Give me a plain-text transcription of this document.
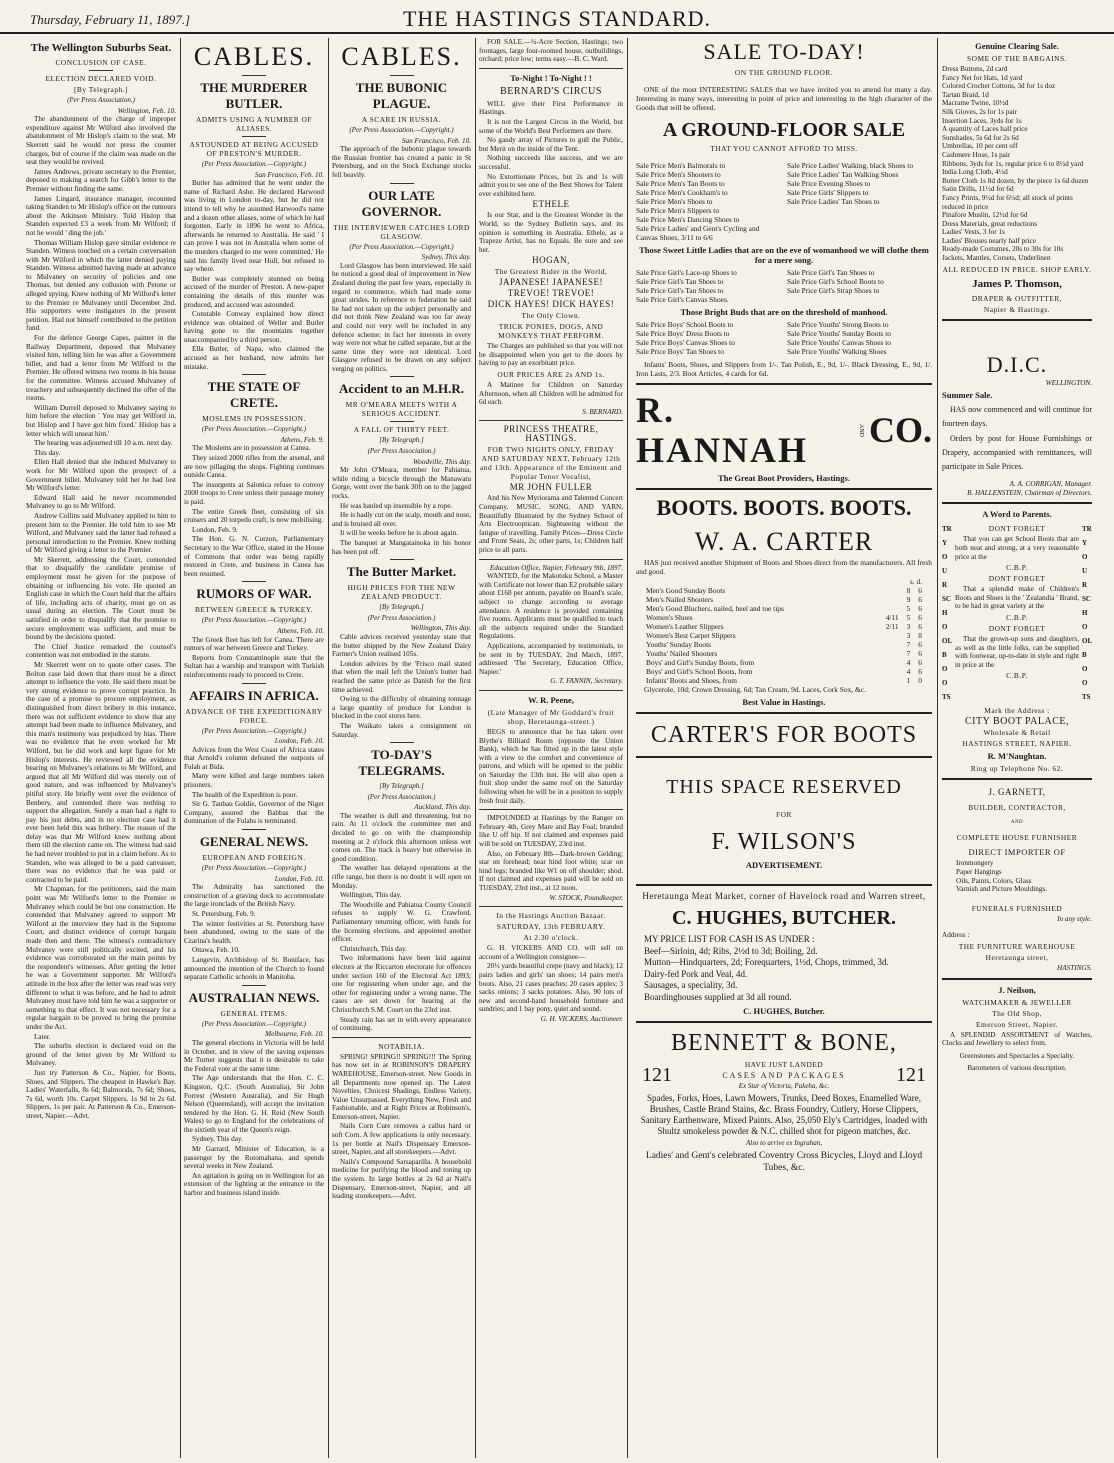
Thursday, February 11, 1897.]	THE HASTINGS STANDARD.
The Wellington Suburbs Seat.
CONCLUSION OF CASE.
ELECTION DECLARED VOID.
[By Telegraph.]
(Per Press Association.)
Wellington, Feb. 10.

The abandonment of the charge of improper expenditure against Mr Wilford also involved the abandonment of Mr Hislop's claim to the seat. Mr Skerrett said he would not press the counter charges, but of course if the claim was made on the seat they would be revived.

James Andrews, private secretary to the Premier, deposed to making a search for Gibb's letter to the Premier without finding the same.

James Lingard, insurance manager, recounted taking Standen to Mr Hislop's office on the rumours about the Atkinson Ministry. Told Hislop that Standen expected £3 a week from Mr Wilford; if not he would ' ding the job.'

Thomas William Hislop gave similar evidence re Standen. Witness touched on a certain conversation with Mr Wilford in which the latter denied paying Standen. Witness admitted having made an advance to Mulvaney on security of policies and one Thomas, but denied any collusion with Petone or alleged spying. Knew nothing of Mr Wilford's letter to the Premier re Mulvaney until December 2nd. His supporters were instigators in the present petition. Had not himself contributed to the petition fund.

For the defence George Capes, painter in the Railway Department, deposed that Mulvaney visited him, telling him he was after a Government billet, and had a letter from Mr Wilford to the Premier. He offered witness two rooms in his house for the committee. Witness accused Mulvaney of treachery and subsequently declined the offer of the rooms.

William Durrell deposed to Mulvaney saying to him before the election ' You may get Wilford in, but Hislop and I have got him fixed.' Hislop has a letter which will unseat him.'

The hearing was adjourned till 10 a.m. next day.

This day.

Ellen Hall denied that she induced Mulvaney to work for Mr Wilford upon the prospect of a Government billet. Mulvaney told her he had lost Mr Wilford's letter.

Edward Hall said he never recommended Mulvaney to go to Mr Wilford.

Andrew Collins said Mulvaney applied to him to present him to the Premier. He told him to see Mr Wilford, and Mulvaney said the latter had refused a personal introduction to the Premier. Knew nothing of Mr Wilford giving a letter to the Premier.

Mr Skerrett, addressing the Court, contended that to disqualify the candidate promise of employment must be given for the purpose of obtaining or influencing his vote. He quoted an English case in which the Court held that the affairs of life, including acts of charity, must go on as usual during an election. The Court must be satisfied in order to disqualify that the promise to secure employment was sufficient, and must be bound by the decisions quoted.

The Chief Justice remarked the counsel's contention was not embodied in the statute.

Mr Skerrett went on to quote other cases. The Bolton case laid down that there must be a direct attempt to influence the vote. He said there must be very strong evidence to prove corrupt practice. In the case of a promise to procure employment, as distinguished from direct bribery in this instance, there was not sufficient evidence to show that any attempt had been made to influence Mulvaney, and this man's testimony was prejudiced by bias. There was no evidence that he even worked for Mr Wilford, but he did work and kept figure for Mr Hislop's interests. He reviewed all the evidence bearing on Mulvaney's relations to Mr Wilford, and argued that all Mr Wilford did was merely out of good nature, and was influenced by Mulvaney's pitiful story. He briefly went over the evidence of Benbery, and contended there was nothing to support the allegation. Surely a man had a right to pay his just debts, and in no election case had it ever been held this was bribery. The reason of the delay was that Mr Wilford knew nothing about them till the election came on. The witness had said he had never troubled to put in a claim before. As to Standen, who was alleged to be a paid canvasser, there was no evidence that he was paid or contracted to be paid.

Mr Chapman, for the petitioners, said the main point was Mr Wilford's letter to the Premier re Mulvaney which could be but one construction. He contended that Mulvaney agreed to support Mr Wilford at the interview they had in the Supreme Court, and distinct evidence of corrupt bargain made then and there. The witness's contradictory Mulvaney were still politically excited, and his evidence was corroborated on the main points by the respondent's witnesses. After getting the letter he was a Government supporter. Mr Wilford's attitude in the box after the letter was read was very different to what it was before, and he had to admit Mulvaney must have told him he was a supporter or something to that effect. It was not necessary for a regular bargain to be proved to bring the promise under the Act.

Later.

The suburbs election is declared void on the ground of the letter given by Mr Wilford to Mulvaney.

Just try Patterson & Co., Napier, for Boots, Shoes, and Slippers. The cheapest in Hawke's Bay. Ladies' Waterfalls, 8s 6d; Balmorals, 7s 6d; Shoes, 7s 6d, worth 10s. Carpet Slippers, 1s 9d to 2s 6d. Slippers, 1s per pair. At Patterson & Co., Emerson-street, Napier.—Advt.

CABLES.
THE MURDERER BUTLER.
ADMITS USING A NUMBER OF ALIASES.
ASTOUNDED AT BEING ACCUSED OF PRESTON'S MURDER.
(Per Press Association.—Copyright.)
San Francisco, Feb. 10.

Butler has admitted that he went under the name of Richard Ashe. He declared Harwood was living in London to-day, but he did not intend to tell why he assumed Harwood's name and a dozen other aliases, some of which he had forgotten. Early in 1896 he went to Africa, afterwards he returned to Australia. He said ' I can prove I was not in Australia when some of the murders charged to me were committed.' He said his family lived near Hull, but refused to say where.

Butler was completely stunned on being accused of the murder of Preston. A new-paper containing the details of this murder was produced, and accused was astounded.

Constable Conway explained how direct evidence was obtained of Weller and Butler having gone to the mountains together unaccompanied by a third person.

Ella Butler, of Napa, who claimed the accused as her husband, now admits her mistake.

THE STATE OF CRETE.
MOSLEMS IN POSSESSION.
(Per Press Association.—Copyright.)
Athens, Feb. 9.

The Moslems are in possession at Canea.

They seized 2000 rifles from the arsenal, and are now pillaging the shops. Fighting continues outside Canea.

The insurgents at Salonica refuse to convoy 2000 troops to Crete unless their passage money is paid.

The entire Greek fleet, consisting of six cruisers and 20 torpedo craft, is now mobilising.

London, Feb. 9.

The Hon. G. N. Curzon, Parliamentary Secretary to the War Office, stated in the House of Commons that order was being rapidly restored in Crete, and business in Canea has been resumed.

RUMORS OF WAR.
BETWEEN GREECE & TURKEY.
(Per Press Association.—Copyright.)
Athens, Feb. 10.

The Greek fleet has left for Canea. There are rumors of war between Greece and Turkey.

Reports from Constantinople state that the Sultan has a warship and transport with Turkish reinforcements ready to proceed to Crete.

AFFAIRS IN AFRICA.
ADVANCE OF THE EXPEDITIONARY FORCE.
(Per Press Association.—Copyright.)
London, Feb. 10.

Advices from the West Coast of Africa states that Arnold's column defeated the outposts of Fulah at Bida.

Many were killed and large numbers taken prisoners.

The health of the Expedition is poor.

Sir G. Taubau Goldie, Governor of the Niger Company, assured the Babbas that the domination of the Fulahs is terminated.

GENERAL NEWS.
EUROPEAN AND FOREIGN.
(Per Press Association.—Copyright.)
London, Feb. 10.

The Admiralty has sanctioned the construction of a graving dock to accommodate the large ironclads of the British Navy.

St. Petersburg, Feb. 9.

The winter festivities at St. Petersburg have been abandoned, owing to the state of the Czarina's health.

Ottawa, Feb. 10.

Langevin, Archbishop of St. Boniface, has announced the intention of the Church to found separate Catholic schools in Manitoba.

AUSTRALIAN NEWS.
GENERAL ITEMS.
(Per Press Association.—Copyright.)
Melbourne, Feb. 10.

The general elections in Victoria will be held in October, and in view of the saving expenses Mr Turner suggests that it is desirable to take the Federal vote at the same time.

The Age understands that the Hon. C. C. Kingston, Q.C. (South Australia), Sir John Forrest (Western Australia), and Sir Hugh Nelson (Queensland), will accept the invitation tendered by the Hon. G. H. Reid (New South Wales) to go to England for the celebrations of the sixtieth year of the Queen's reign.

Sydney, This day.

Mr Garrard, Minister of Education, is a passenger by the Rotomahana, and spends several weeks in New Zealand.

An agitation is going on in Wellington for an extension of the lighting at the entrance to the harbor and business island inside.

CABLES.
THE BUBONIC PLAGUE.
A SCARE IN RUSSIA.
(Per Press Association.—Copyright.)
San Francisco, Feb. 10.

The approach of the bubonic plague towards the Russian frontier has created a panic in St Petersburg, and on the Stock Exchange stocks fell heavily.

OUR LATE GOVERNOR.
THE INTERVIEWER CATCHES LORD GLASGOW.
(Per Press Association.—Copyright.)
Sydney, This day.

Lord Glasgow has been interviewed. He said he noticed a good deal of improvement in New Zealand during the past few years, especially in regard to commerce, which had made some great strides. In reference to federation he said he had not taken up the subject personally and did not think New Zealand was too far away and could not very well be included in any defence scheme; in fact her interests in every way were not what he called separate, but at the same time they were not identical. Lord Glasgow refused to be drawn on any subject verging on politics.

Accident to an M.H.R.
MR O'MEARA MEETS WITH A SERIOUS ACCIDENT.
A FALL OF THIRTY FEET.
[By Telegraph.]
(Per Press Association.)
Woodville, This day.

Mr John O'Meara, member for Pahiatua, while riding a bicycle through the Manawatu Gorge, went over the bank 30ft on to the jagged rocks.

He was hauled up insensible by a rope.

He is badly cut on the scalp, mouth and nose, and is bruised all over.

It will be weeks before he is about again.

The banquet at Mangatainoka in his honor has been put off.

The Butter Market.
HIGH PRICES FOR THE NEW ZEALAND PRODUCT.
[By Telegraph.]
(Per Press Association.)
Wellington, This day.

Cable advices received yesterday state that the butter shipped by the New Zealand Dairy Farmer's Union realised 105s.

London advices by the 'Frisco mail stated that when the mail left the Union's butter had reached the same price as Danish for the first time achieved.

Owing to the difficulty of obtaining tonnage a large quantity of produce for London is blocked in the cool stores here.

The Waikato takes a consignment on Saturday.

TO-DAY'S TELEGRAMS.
[By Telegraph.]
(Per Press Association.)
Auckland, This day.

The weather is dull and threatening, but no rain. At 11 o'clock the committee met and decided to go on with the championship meeting at 2 o'clock this afternoon unless wet comes on. The track is heavy but otherwise in good condition.

The weather has delayed operations at the rifle range, but there is no doubt it will open on Monday.

Wellington, This day.

The Woodville and Pahiatua County Council refuses to supply W. G. Crawford, Parliamentary returning officer, with funds for the licensing elections, and appointed another officer.

Christchurch, This day.

Two informations have been laid against electors at the Riccarton electorate for offences under section 160 of the Electoral Act 1893; one for registering when under age, and the other for registering under a wrong name. The cases are set down for hearing at the Christchurch S.M. Court on the 23rd inst.

Steady rain has set in with every appearance of continuing.

NOTABILIA.
SPRING! SPRING!! SPRING!!! The Spring has now set in at ROBINSON'S DRAPERY WAREHOUSE, Emerson-street. New Goods in all Departments now opened up. The Latest Novelties, Choicest Shadings, Endless Variety, Value Unsurpassed. Everything New, Fresh and Fashionable, and at Right Prices at Robinson's, Emerson-street, Napier.
Nails Corn Cure removes a callus hard or soft Corn. A few applications is only necessary. 1s per bottle at Nail's Dispensary Emerson-street, Napier, and all storekeepers.—Advt.
Nails's Compound Sarsaparilla. A household medicine for purifying the blood and toning up the system. In large bottles at 2s 6d at Nail's Dispensary, Emerson-street, Napier, and all leading storekeepers.—Advt.
FOR SALE.—¼-Acre Section, Hastings; two frontages, large four-roomed house, outbuildings, orchard; price low; terms easy.—B. C. Ward.
To-Night ! To-Night ! !
BERNARD'S CIRCUS

WILL give their First Performance in Hastings.

It is not the Largest Circus in the World, but some of the World's Best Performers are there.

No gaudy array of Pictures to gull the Public, but Merit on the inside of the Tent.

Nothing succeeds like success, and we are successful.

No Extortionate Prices, but 2s and 1s will admit you to see one of the Best Shows for Talent ever exhibited here.

ETHELE
Is our Star, and is the Greatest Wonder in the World, so the Sydney Bulletin says, and its opinion is something in Australia. Ethele, as a Trapeze Artist, has no Equals. Be sure and see her.
HOGAN,
The Greatest Rider in the World,
JAPANESE! JAPANESE!
TREVOE! TREVOE!
DICK HAYES! DICK HAYES!
The Only Clown.
TRICK PONIES, DOGS, AND MONKEYS THAT PERFORM.
The Charges are published so that you will not be disappointed when you get to the doors by having to pay an exorbitant price.
OUR PRICES ARE 2s AND 1s.
A Matinee for Children on Saturday Afternoon, when all Children will be admitted for 6d each.
S. BERNARD.
PRINCESS THEATRE, HASTINGS.
FOR TWO NIGHTS ONLY, FRIDAY AND SATURDAY NEXT, February 12th and 13th. Appearance of the Eminent and Popular Tenor Vocalist,
MR JOHN FULLER
And his New Myriorama and Talented Concert Company. MUSIC, SONG, AND YARN, Beautifully Illustrated by the Sydney School of Arts Electrooptican. Sightseeing without the fatigue of travelling. Family Prices—Dress Circle and Front Seats, 2s; other parts, 1s; Children half price to all parts.
Education Office, Napier, February 9th, 1897.
WANTED, for the Makotuku School, a Master with Certificate not lower than E2 probable salary about £168 per annum, payable on Board's scale, subject to change according to average attendance. A residence is provided containing five rooms. Applicants must be qualified to teach all the subjects required under the Standard Regulations.
Applications, accompanied by testimonials, to be sent in by TUESDAY, 2nd March, 1897, addressed 'The Secretary, Education Office, Napier.'
G. T. FANNIN, Secretary.
W. R. Peene,
(Late Manager of Mr Goddard's fruit shop, Heretaunga-street.)
BEGS to announce that he has taken over Blythe's Billiard Room (opposite the Union Bank), which he has fitted up in the latest style with a view to the comfort and convenience of patrons, and which will be opened to the public on Saturday the 13th inst. He will also open a fruit shop under the same roof on the Saturday following when he will be in a position to supply fresh fruit daily.
IMPOUNDED at Hastings by the Ranger on February 4th, Grey Mare and Bay Foal; branded like U off hip. If not claimed and expenses paid will be sold on TUESDAY, 23rd inst.
Also, on February 8th—Dark-brown Gelding; star on forehead; near hind foot white; scar on hind legs; branded like W1 on off shoulder; shod. If not claimed and expenses paid will be sold on TUESDAY, 23rd inst., at 12 noon.
W. STOCK, Poundkeeper.
In the Hastings Auction Bazaar.
SATURDAY, 13th FEBRUARY.
At 2.30 o'clock.
G. H. VICKERS AND CO. will sell on account of a Wellington consignee—
20½ yards beautiful crepe (navy and black); 12 pairs ladies and girls' tan shoes; 14 pairs men's boots. Also, 21 cases peaches; 20 cases apples; 3 sacks onions; 3 sacks potatoes. Also, 90 lots of new and second-hand household furniture and sundries; and 1 bay pony, quiet and sound.
G. H. VICKERS, Auctioneer.
SALE TO-DAY!
ON THE GROUND FLOOR.
ONE of the most INTERESTING SALES that we have invited you to attend for many a day. Interesting in many ways, interesting in point of price and interesting in the high character of the Goods that will be offered.
A GROUND-FLOOR SALE
THAT YOU CANNOT AFFORD TO MISS.
Sale Price Men's Balmorals to
Sale Price Men's Shooters to
Sale Price Men's Tan Boots to
Sale Price Men's Cookham's to
Sale Price Men's Shoes to
Sale Price Men's Slippers to
Sale Price Men's Dancing Shoes to
Sale Price Ladies' and Gent's Cycling and Canvas Shoes, 3/11 to 6/6
Sale Price Ladies' Walking, black Shoes to
Sale Price Ladies' Tan Walking Shoes
Sale Price Evening Shoes to
Sale Price Girls' Slippers to
Sale Price Ladies' Tan Shoes to
Those Sweet Little Ladies that are on the eve of womanhood we will clothe them for a mere song.
Sale Price Girl's Lace-up Shoes to
Sale Price Girl's Tan Shoes to
Sale Price Girl's Tan Shoes to
Sale Price Girl's Canvas Shoes.
Sale Price Girl's Tan Shoes to
Sale Price Girl's School Boots to
Sale Price Girl's Strap Shoes to
Those Bright Buds that are on the threshold of manhood.
Sale Price Boys' School Boots to
Sale Price Boys' Dress Boots to
Sale Price Boys' Canvas Shoes to
Sale Price Boys' Tan Shoes to
Sale Price Youths' Strong Boots to
Sale Price Youths' Sunday Boots to
Sale Price Youths' Canvas Shoes to
Sale Price Youths' Walking Shoes
Infants' Boots, Shoes, and Slippers from 1/-. Tan Polish, E., 9d, 1/-. Black Dressing, E., 9d, 1/. Iron Lasts, 2/3. Boot Articles, 4 cards for 6d.
R. HANNAH	AND CO.
The Great Boot Providers, Hastings.
BOOTS. BOOTS. BOOTS.
W. A. CARTER
HAS just received another Shipment of Boots and Shoes direct from the manufacturers. All fresh and good.
s. d.
Men's Good Sunday Boots	8 6
Men's Nailed Shooters	9 6
Men's Good Bluchers, nailed, heel and toe tips	5 6
Women's Shoes	4/11 5 6
Women's Leather Slippers	2/11 3 6
Women's Best Carpet Slippers	3 8
Youths' Sunday Boots	7 6
Youths' Nailed Shooters	7 6
Boys' and Girl's Sunday Boots, from	4 6
Boys' and Girl's School Boots, from	4 6
Infants' Boots and Shoes, from	1 0
Glycerole, 10d; Crown Dressing, 6d; Tan Cream, 9d. Laces, Cork Sox, &c.
Best Value in Hastings.
CARTER'S FOR BOOTS
THIS SPACE RESERVED
FOR
F. WILSON'S
ADVERTISEMENT.
Heretaunga Meat Market, corner of Havelock road and Warren street,
C. HUGHES, BUTCHER.
MY PRICE LIST FOR CASH IS AS UNDER :
Beef—Sirloin, 4d; Ribs, 2½d to 3d; Boiling, 2d.
Mutton—Hindquarters, 2d; Forequarters, 1½d, Chops, trimmed, 3d.
Dairy-fed Pork and Veal, 4d.
Sausages, a speciality, 3d.
Boardinghouses supplied at 3d all round.
C. HUGHES, Butcher.
BENNETT & BONE,
HAVE JUST LANDED
121	CASES AND PACKAGES	121
Ex Star of Victoria, Pakeha, &c.
Spades, Forks, Hoes, Lawn Mowers, Trunks, Deed Boxes, Enamelled Ware, Brushes, Castle Brand Stains, &c. Brass Foundry, Cutlery, Horse Clippers, Sanitary Earthenware, Mixed Paints. Also, 25,050 Ely's Cartridges, loaded with Shultz smokeless powder & N.C. chilled shot for pigeon matches, &c.
Also to arrive ex Ingrahan,
Ladies' and Gent's celebrated Coventry Cross Bicycles, Lloyd and Lloyd Tubes, &c.
Genuine Clearing Sale.
SOME OF THE BARGAINS.
Dress Buttons, 2d card
Fancy Net for Hats, 1d yard
Colored Crochet Cottons, 3d for 1s doz
Tartan Braid, 1d
Macrame Twine, 10½d
Silk Gloves, 2s for 1s pair
Insertion Laces, 3yds for 1s
A quantity of Laces half price
Sunshades, 5s 6d for 2s 6d
Umbrellas, 10 per cent off
Cashmere Hose, 1s pair
Ribbons, 3yds for 1s, regular price 6 to 8½d yard
India Long Cloth, 4½d
Butter Cloth 1s 8d dozen, by the piece 1s 6d dozen
Satin Drills, 11½d for 6d
Fancy Prints, 9½d for 6½d; all stock of prints reduced in price
Pinafore Muslin, 12½d for 6d
Dress Materials, great reductions
Ladies' Vests, 3 for 1s
Ladies' Blouses nearly half price
Ready-made Costumes, 20s to 30s for 10s
Jackets, Mantles, Corsets, Underlinen
ALL REDUCED IN PRICE. SHOP EARLY.
James P. Thomson,
DRAPER & OUTFITTER,
Napier & Hastings.
D.I.C.
WELLINGTON.
Summer Sale.

HAS now commenced and will continue for fourteen days.

Orders by post for House Furnishings or Drapery, accompanied with remittances, will participate in Sale Prices.

A. A. CORRIGAN, Manager.
B. HALLENSTEIN, Chairman of Directors.
A Word to Parents.
TRY OUR SCHOOL BOOTS
DONT FORGET
That you can get School Boots that are both neat and strong, at a very reasonable price at the
C.B.P.
DONT FORGET
That a splendid make of Children's Boots and Shoes is the ' Zealandia ' Brand, to be had in great variety at the
C.B.P.
DONT FORGET
That the grown-up sons and daughters, as well as the little folks, can be supplied with footwear, up-to-date in style and right in price at the
C.B.P.
TRY OUR SCHOOL BOOTS
Mark the Address :
CITY BOOT PALACE,
Wholesale & Retail
HASTINGS STREET, NAPIER.
R. M'Naughtan.
Ring up Telephone No. 62.
J. GARNETT,
BUILDER, CONTRACTOR,
AND
COMPLETE HOUSE FURNISHER
DIRECT IMPORTER OF
Ironmongery
Paper Hangings
Oils, Paints, Colors, Glass
Varnish and Picture Mouldings.
FUNERALS FURNISHED
In any style.
Address :
THE FURNITURE WAREHOUSE
Heretaunga street,
HASTINGS.
J. Neilson,
WATCHMAKER & JEWELLER
The Old Shop,
Emerson Street, Napier.
A SPLENDID ASSORTMENT of Watches, Clocks and Jewellery to select from.
Greenstones and Spectacles a Specialty.
Barometers of various description.
